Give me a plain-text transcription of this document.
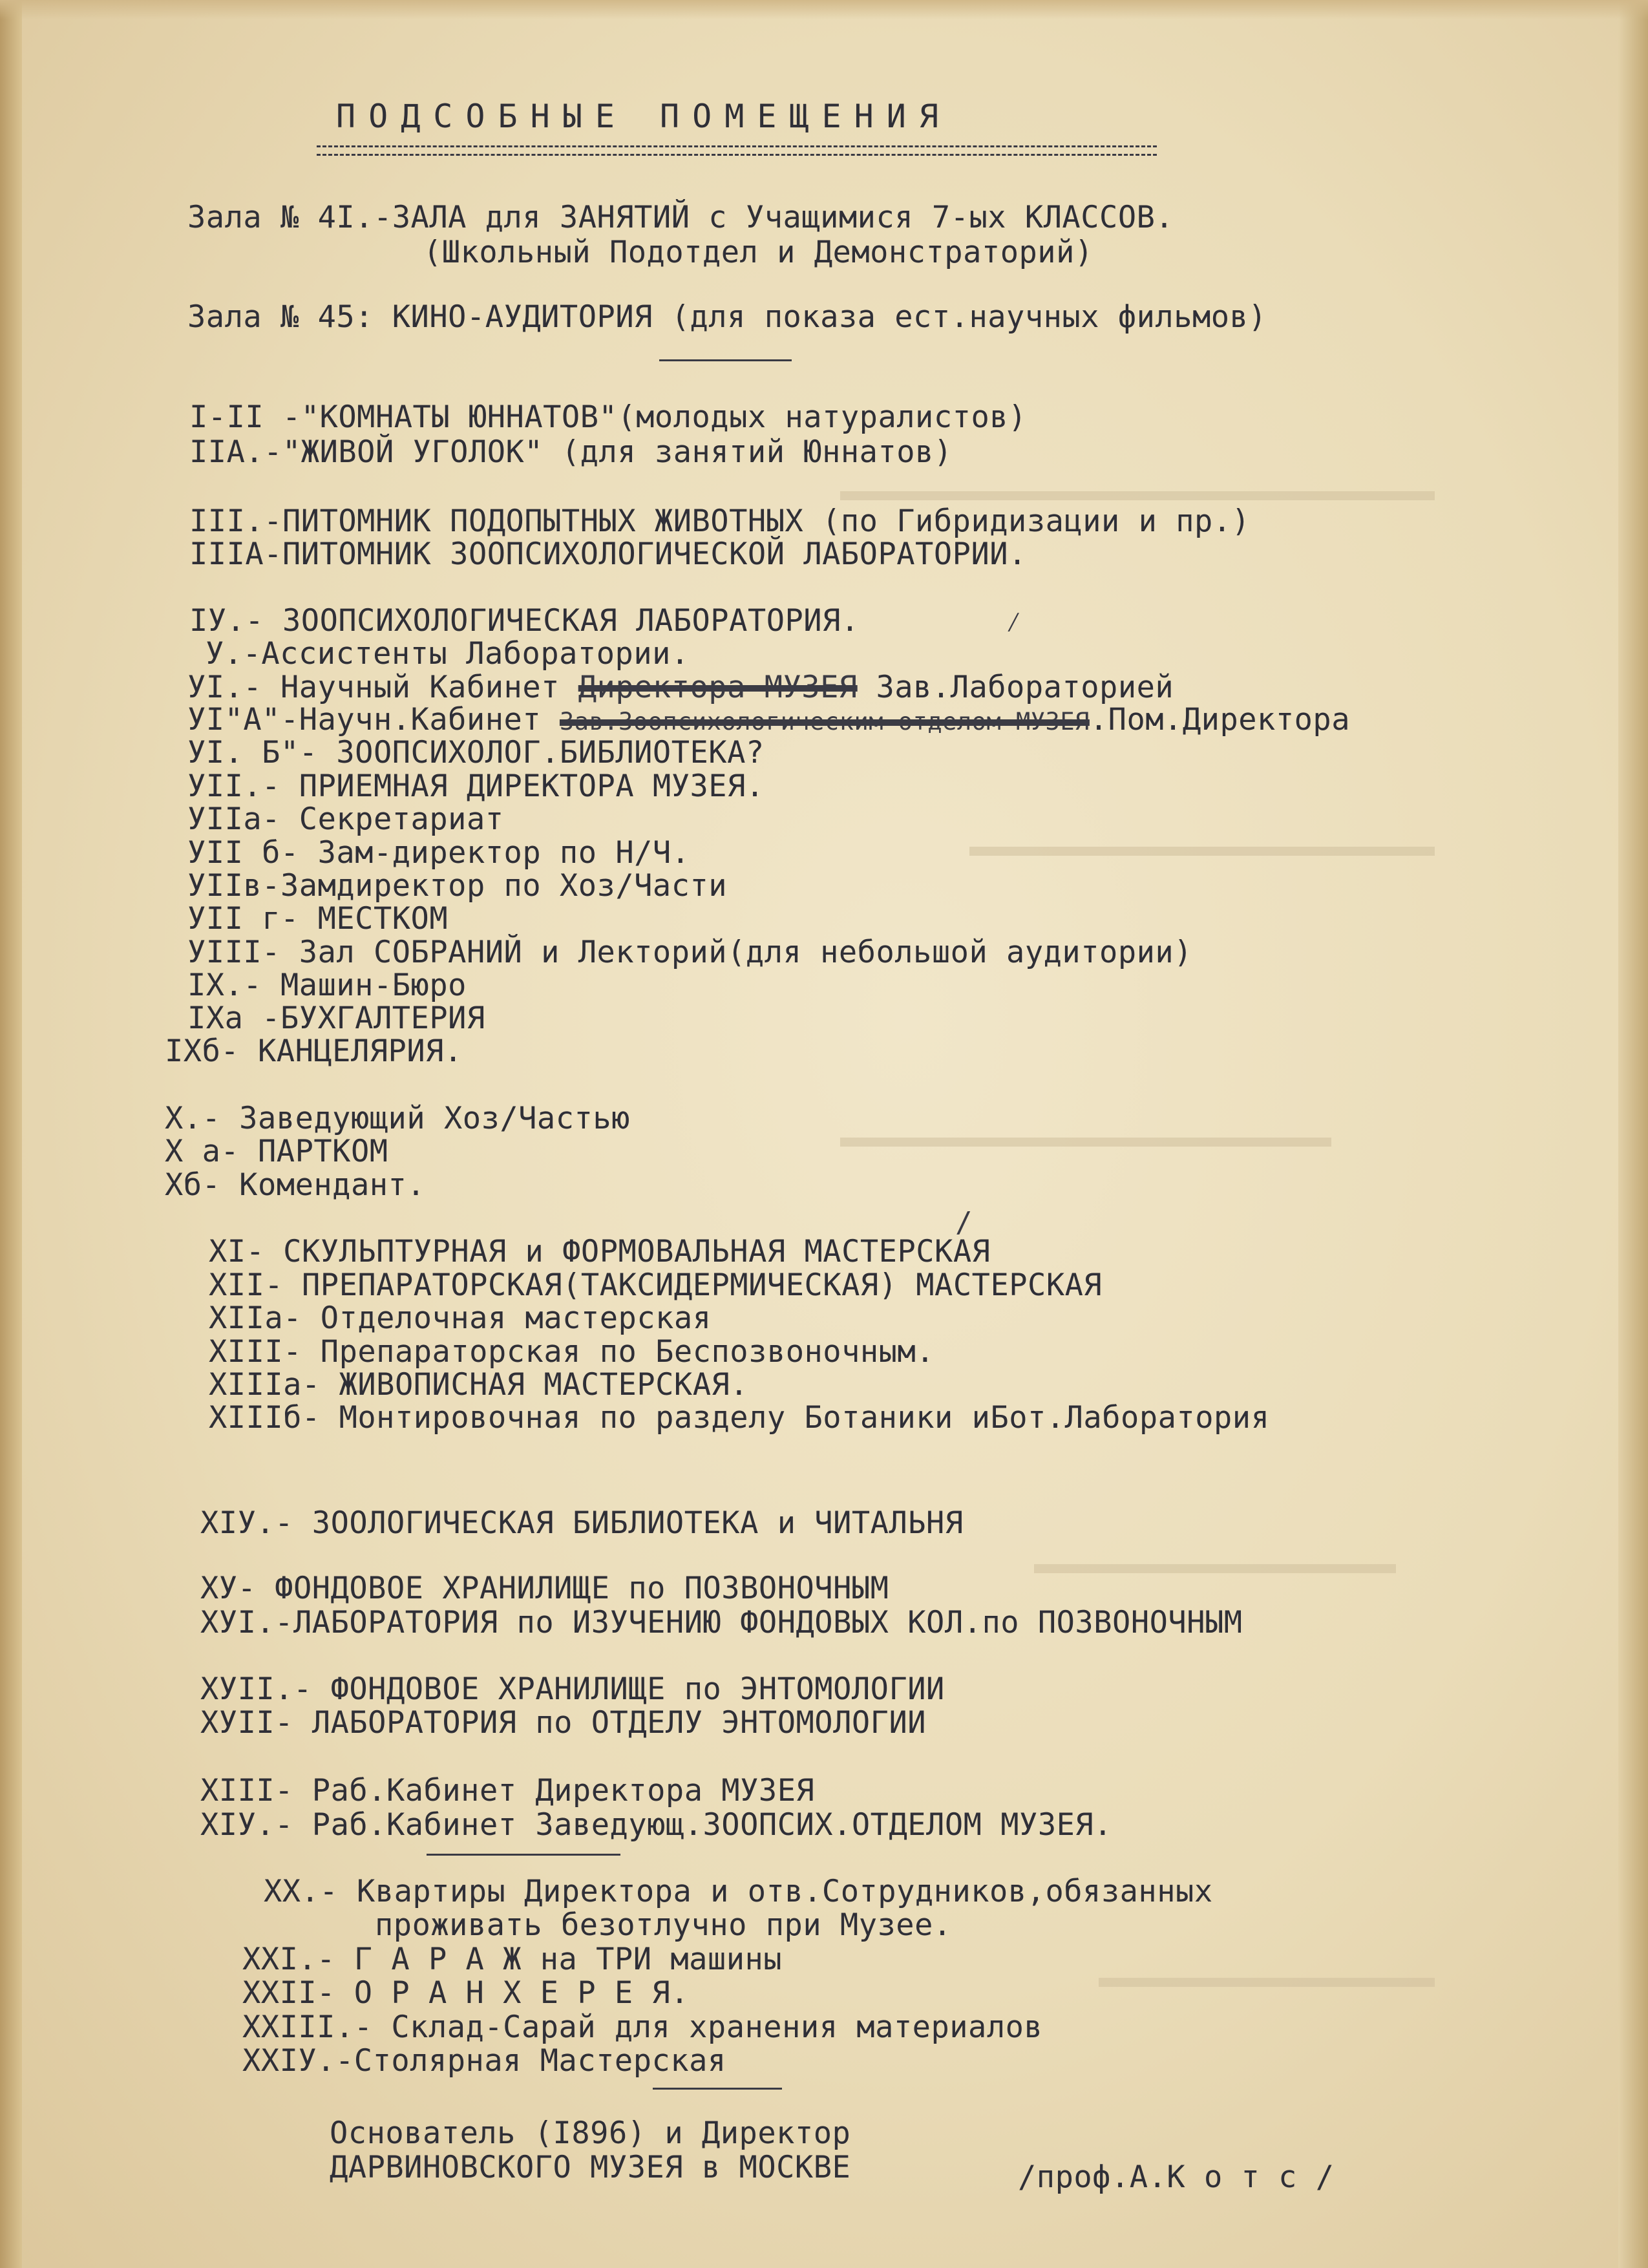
ПОДСОБНЫЕ ПОМЕЩЕНИЯ
Зала № 4I.-ЗАЛА для ЗАНЯТИЙ с Учащимися 7-ых КЛАССОВ.
(Школьный Подотдел и Демонстраторий)
Зала № 45: КИНО-АУДИТОРИЯ (для показа ест.научных фильмов)
I-II -"КОМНАТЫ ЮННАТОВ"(молодых натуралистов)
IIА.-"ЖИВОЙ УГОЛОК" (для занятий Юннатов)
III.-ПИТОМНИК ПОДОПЫТНЫХ ЖИВОТНЫХ (по Гибридизации и пр.)
IIIА-ПИТОМНИК ЗООПСИХОЛОГИЧЕСКОЙ ЛАБОРАТОРИИ.
IУ.- ЗООПСИХОЛОГИЧЕСКАЯ ЛАБОРАТОРИЯ.	⁄
У.-Ассистенты Лаборатории.
УI.- Научный Кабинет Директора МУЗЕЯ Зав.Лабораторией
УI"А"-Научн.Кабинет Зав.Зоопсихологическим отделом МУЗЕЯ.Пом.Директора
УI. Б"- ЗООПСИХОЛОГ.БИБЛИОТЕКА?
УII.- ПРИЕМНАЯ ДИРЕКТОРА МУЗЕЯ.
УIIа- Секретариат
УII б- Зам-директор по Н/Ч.
УIIв-Замдиректор по Хоз/Части
УII г- МЕСТКОМ
УIII- Зал СОБРАНИЙ и Лекторий(для небольшой аудитории)
IX.- Машин-Бюро
IXа -БУХГАЛТЕРИЯ
IXб- КАНЦЕЛЯРИЯ.
X.- Заведующий Хоз/Частью
X а- ПАРТКОМ
Xб- Комендант.
/
XI- СКУЛЬПТУРНАЯ и ФОРМОВАЛЬНАЯ МАСТЕРСКАЯ
XII- ПРЕПАРАТОРСКАЯ(ТАКСИДЕРМИЧЕСКАЯ) МАСТЕРСКАЯ
XIIа- Отделочная мастерская
XIII- Препараторская по Беспозвоночным.
XIIIа- ЖИВОПИСНАЯ МАСТЕРСКАЯ.
XIIIб- Монтировочная по разделу Ботаники иБот.Лаборатория
XIУ.- ЗООЛОГИЧЕСКАЯ БИБЛИОТЕКА и ЧИТАЛЬНЯ
XУ- ФОНДОВОЕ ХРАНИЛИЩЕ по ПОЗВОНОЧНЫМ
XУI.-ЛАБОРАТОРИЯ по ИЗУЧЕНИЮ ФОНДОВЫХ КОЛ.по ПОЗВОНОЧНЫМ
XУII.- ФОНДОВОЕ ХРАНИЛИЩЕ по ЭНТОМОЛОГИИ
XУII- ЛАБОРАТОРИЯ по ОТДЕЛУ ЭНТОМОЛОГИИ
XIII- Раб.Кабинет Директора МУЗЕЯ
XIУ.- Раб.Кабинет Заведующ.ЗООПСИХ.ОТДЕЛОМ МУЗЕЯ.
XX.- Квартиры Директора и отв.Сотрудников,обязанных
проживать безотлучно при Музее.
XXI.- Г А Р А Ж на ТРИ машины
XXII- О Р А Н Х Е Р Е Я.
XXIII.- Склад-Сарай для хранения материалов
XXIУ.-Столярная Мастерская
Основатель (I896) и Директор
ДАРВИНОВСКОГО МУЗЕЯ в МОСКВЕ	/проф.А.К о т с /
